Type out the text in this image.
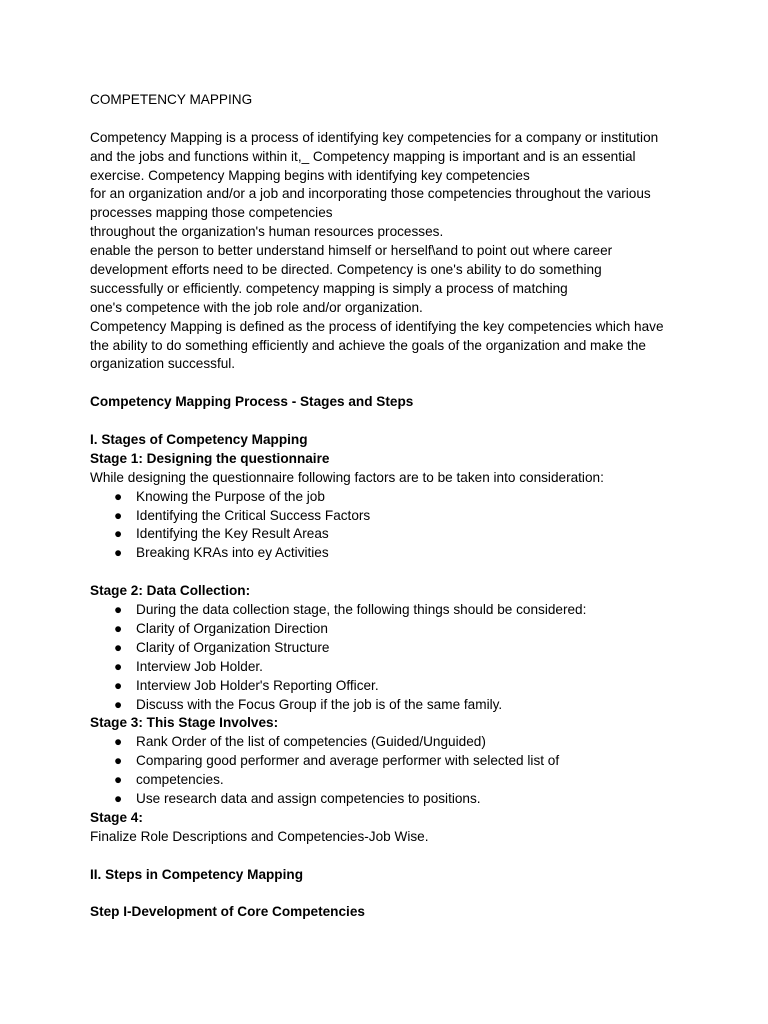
COMPETENCY MAPPING
Competency Mapping is a process of identifying key competencies for a company or institution
and the jobs and functions within it,_ Competency mapping is important and is an essential
exercise. Competency Mapping begins with identifying key competencies
for an organization and/or a job and incorporating those competencies throughout the various
processes mapping those competencies
throughout the organization's human resources processes.
enable the person to better understand himself or herself\and to point out where career
development efforts need to be directed. Competency is one's ability to do something
successfully or efficiently. competency mapping is simply a process of matching
one's competence with the job role and/or organization.
Competency Mapping is defined as the process of identifying the key competencies which have
the ability to do something efficiently and achieve the goals of the organization and make the
organization successful.
Competency Mapping Process - Stages and Steps
I. Stages of Competency Mapping
Stage 1: Designing the questionnaire
While designing the questionnaire following factors are to be taken into consideration:
● Knowing the Purpose of the job
● Identifying the Critical Success Factors
● Identifying the Key Result Areas
● Breaking KRAs into ey Activities
Stage 2: Data Collection:
● During the data collection stage, the following things should be considered:
● Clarity of Organization Direction
● Clarity of Organization Structure
● Interview Job Holder.
● Interview Job Holder's Reporting Officer.
● Discuss with the Focus Group if the job is of the same family.
Stage 3: This Stage Involves:
● Rank Order of the list of competencies (Guided/Unguided)
● Comparing good performer and average performer with selected list of
● competencies.
● Use research data and assign competencies to positions.
Stage 4:
Finalize Role Descriptions and Competencies-Job Wise.
II. Steps in Competency Mapping
Step I-Development of Core Competencies
